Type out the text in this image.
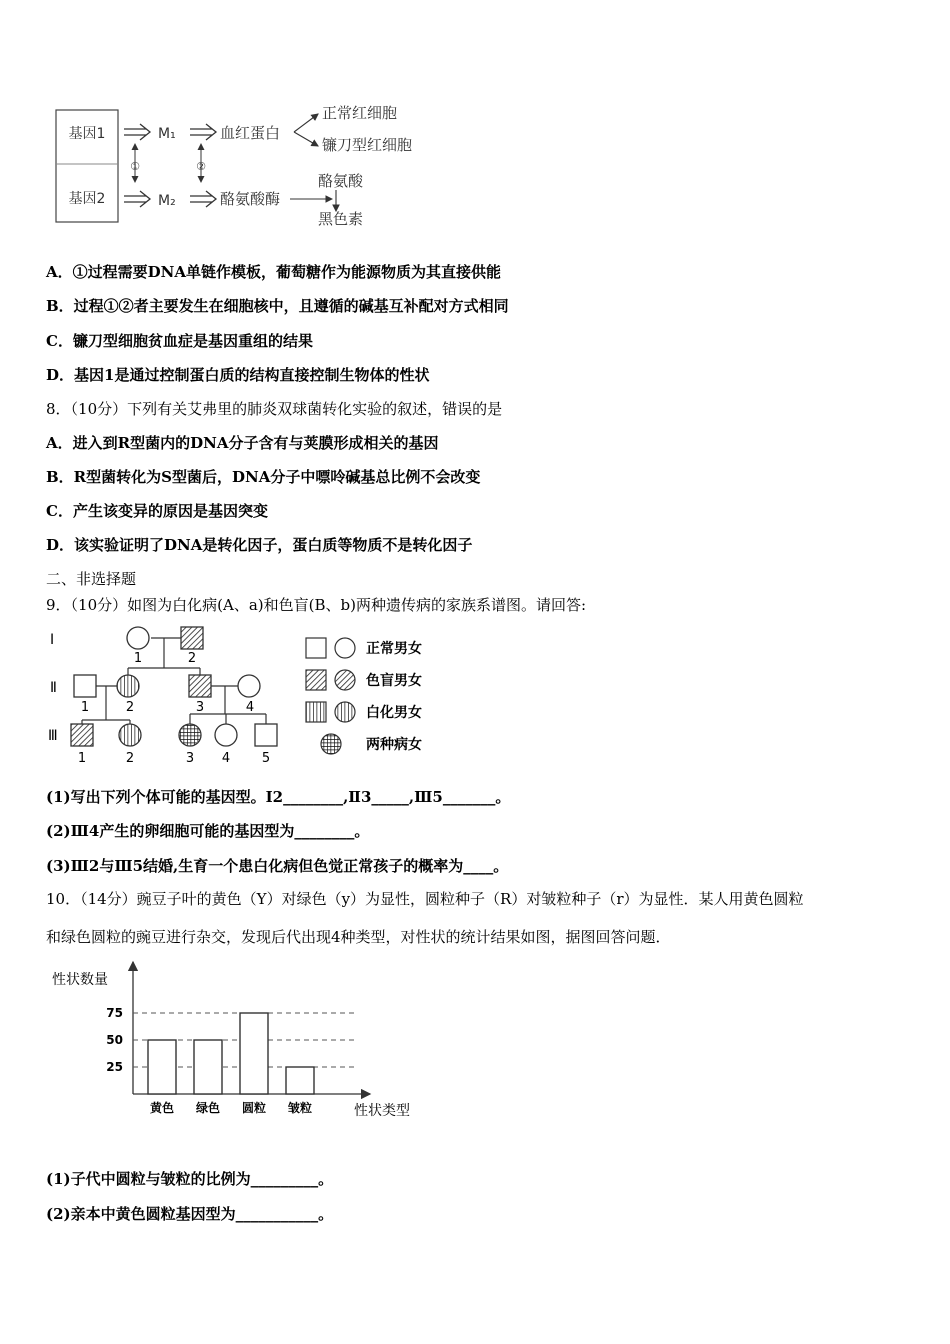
基因1
基因2
M₁	血红蛋白
正常红细胞
镰刀型红细胞
①	②
M₂	酪氨酸酶
酪氨酸
黑色素
A．①过程需要DNA单链作模板，葡萄糖作为能源物质为其直接供能
B．过程①②者主要发生在细胞核中，且遵循的碱基互补配对方式相同
C．镰刀型细胞贫血症是基因重组的结果
D．基因1是通过控制蛋白质的结构直接控制生物体的性状
8．（10分）下列有关艾弗里的肺炎双球菌转化实验的叙述，错误的是
A．进入到R型菌内的DNA分子含有与荚膜形成相关的基因
B．R型菌转化为S型菌后，DNA分子中嘌呤碱基总比例不会改变
C．产生该变异的原因是基因突变
D．该实验证明了DNA是转化因子，蛋白质等物质不是转化因子
二、非选择题
9．（10分）如图为白化病(A、a)和色盲(B、b)两种遗传病的家族系谱图。请回答:
Ⅰ
Ⅱ
Ⅲ
1	2
1	2	3	4
1	2	3 4 5
正常男女
色盲男女
白化男女
两种病女
(1)写出下列个体可能的基因型。Ⅰ2________,Ⅱ3_____,Ⅲ5_______。
(2)Ⅲ4产生的卵细胞可能的基因型为________。
(3)Ⅲ2与Ⅲ5结婚,生育一个患白化病但色觉正常孩子的概率为____。
10．（14分）豌豆子叶的黄色（Y）对绿色（y）为显性，圆粒种子（R）对皱粒种子（r）为显性．某人用黄色圆粒
和绿色圆粒的豌豆进行杂交，发现后代出现4种类型，对性状的统计结果如图，据图回答问题．
性状数量
性状类型
25
50
75
黄色 绿色 圆粒 皱粒
(1)子代中圆粒与皱粒的比例为_________。
(2)亲本中黄色圆粒基因型为___________。
